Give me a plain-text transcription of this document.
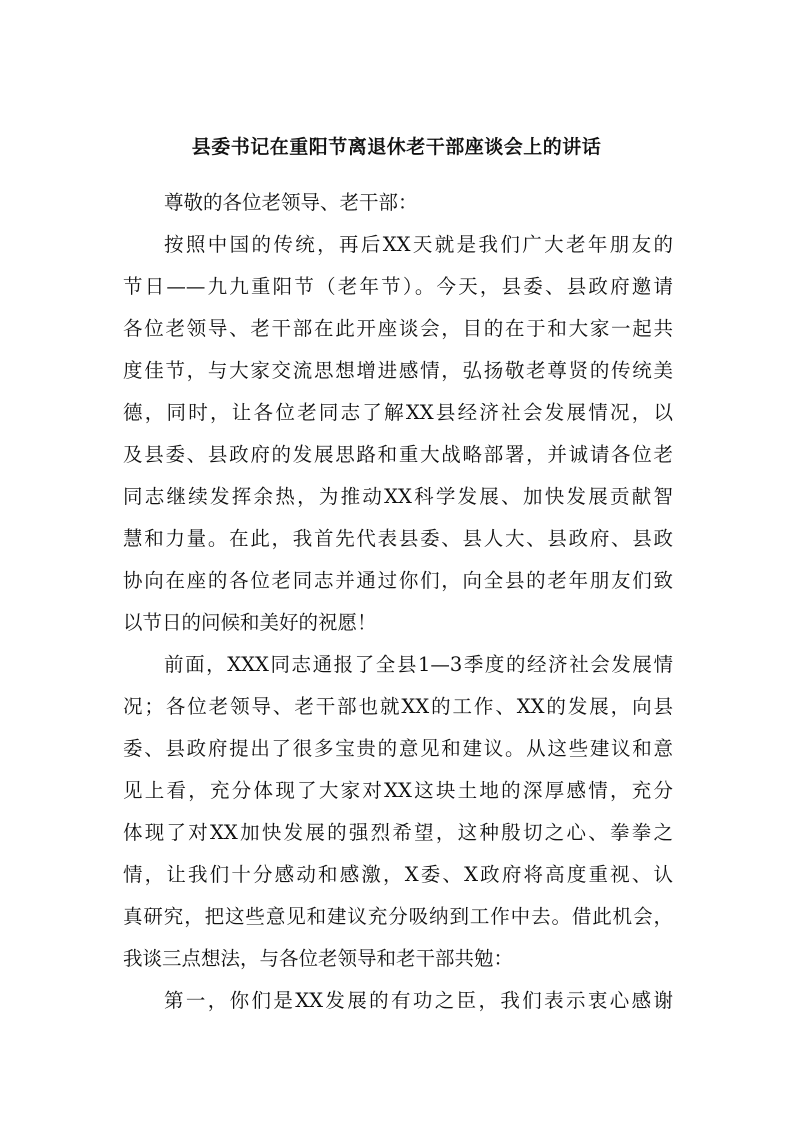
县委书记在重阳节离退休老干部座谈会上的讲话
尊敬的各位老领导、老干部：
按照中国的传统，再后XX天就是我们广大老年朋友的
节日——九九重阳节（老年节）。今天，县委、县政府邀请
各位老领导、老干部在此开座谈会，目的在于和大家一起共
度佳节，与大家交流思想增进感情，弘扬敬老尊贤的传统美
德，同时，让各位老同志了解XX县经济社会发展情况，以
及县委、县政府的发展思路和重大战略部署，并诚请各位老
同志继续发挥余热，为推动XX科学发展、加快发展贡献智
慧和力量。在此，我首先代表县委、县人大、县政府、县政
协向在座的各位老同志并通过你们，向全县的老年朋友们致
以节日的问候和美好的祝愿！
前面，XXX同志通报了全县1—3季度的经济社会发展情
况；各位老领导、老干部也就XX的工作、XX的发展，向县
委、县政府提出了很多宝贵的意见和建议。从这些建议和意
见上看，充分体现了大家对XX这块土地的深厚感情，充分
体现了对XX加快发展的强烈希望，这种殷切之心、拳拳之
情，让我们十分感动和感激，X委、X政府将高度重视、认
真研究，把这些意见和建议充分吸纳到工作中去。借此机会，
我谈三点想法，与各位老领导和老干部共勉：
第一，你们是XX发展的有功之臣，我们表示衷心感谢
